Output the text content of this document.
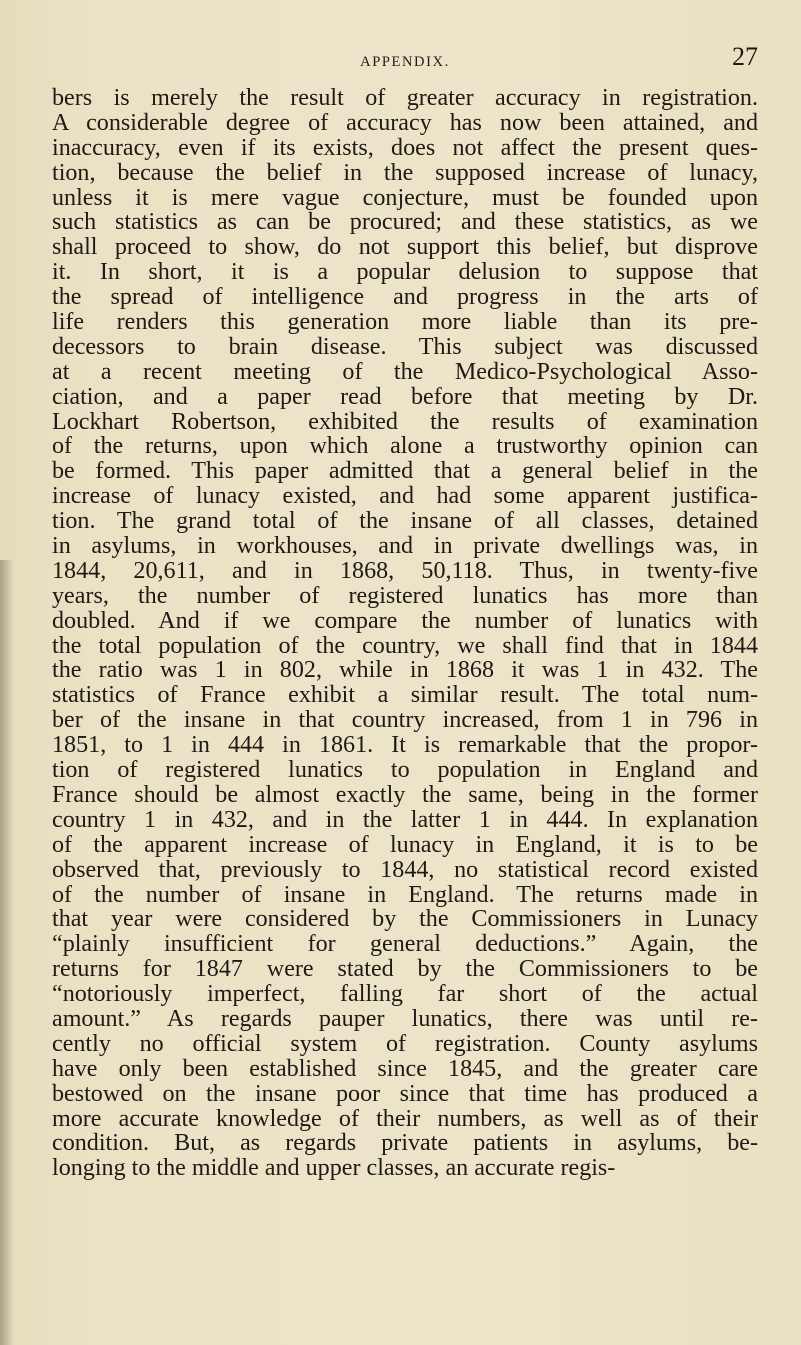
APPENDIX.	27
bers is merely the result of greater accuracy in registration.
A considerable degree of accuracy has now been attained, and
inaccuracy, even if its exists, does not affect the present ques-
tion, because the belief in the supposed increase of lunacy,
unless it is mere vague conjecture, must be founded upon
such statistics as can be procured; and these statistics, as we
shall proceed to show, do not support this belief, but disprove
it. In short, it is a popular delusion to suppose that
the spread of intelligence and progress in the arts of
life renders this generation more liable than its pre-
decessors to brain disease. This subject was discussed
at a recent meeting of the Medico-Psychological Asso-
ciation, and a paper read before that meeting by Dr.
Lockhart Robertson, exhibited the results of examination
of the returns, upon which alone a trustworthy opinion can
be formed. This paper admitted that a general belief in the
increase of lunacy existed, and had some apparent justifica-
tion. The grand total of the insane of all classes, detained
in asylums, in workhouses, and in private dwellings was, in
1844, 20,611, and in 1868, 50,118. Thus, in twenty-five
years, the number of registered lunatics has more than
doubled. And if we compare the number of lunatics with
the total population of the country, we shall find that in 1844
the ratio was 1 in 802, while in 1868 it was 1 in 432. The
statistics of France exhibit a similar result. The total num-
ber of the insane in that country increased, from 1 in 796 in
1851, to 1 in 444 in 1861. It is remarkable that the propor-
tion of registered lunatics to population in England and
France should be almost exactly the same, being in the former
country 1 in 432, and in the latter 1 in 444. In explanation
of the apparent increase of lunacy in England, it is to be
observed that, previously to 1844, no statistical record existed
of the number of insane in England. The returns made in
that year were considered by the Commissioners in Lunacy
“plainly insufficient for general deductions.” Again, the
returns for 1847 were stated by the Commissioners to be
“notoriously imperfect, falling far short of the actual
amount.” As regards pauper lunatics, there was until re-
cently no official system of registration. County asylums
have only been established since 1845, and the greater care
bestowed on the insane poor since that time has produced a
more accurate knowledge of their numbers, as well as of their
condition. But, as regards private patients in asylums, be-
longing to the middle and upper classes, an accurate regis-
